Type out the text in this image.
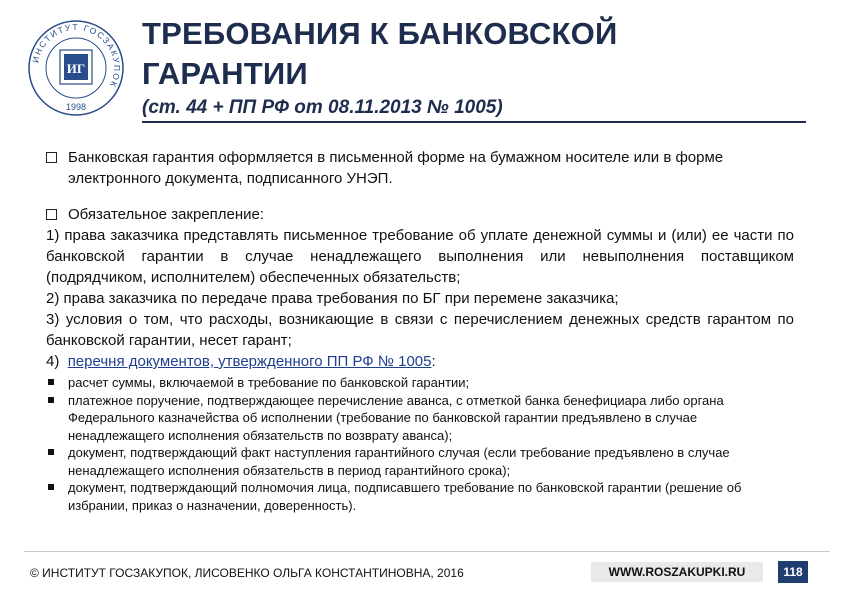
ИНСТИТУТ ГОСЗАКУПОК
ИГ
1998
ТРЕБОВАНИЯ К БАНКОВСКОЙ ГАРАНТИИ
(ст. 44 + ПП РФ от 08.11.2013 № 1005)
Банковская гарантия оформляется в письменной форме на бумажном носителе или в форме электронного документа, подписанного УНЭП.
Обязательное закрепление:
1) права заказчика представлять письменное требование об уплате денежной суммы и (или) ее части по банковской гарантии в случае ненадлежащего выполнения или невыполнения поставщиком (подрядчиком, исполнителем) обеспеченных обязательств;
2) права заказчика по передаче права требования по БГ при перемене заказчика;
3) условия о том, что расходы, возникающие в связи с перечислением денежных средств гарантом по банковской гарантии, несет гарант;
4)  перечня документов, утвержденного ПП РФ № 1005:
расчет суммы, включаемой в требование по банковской гарантии;
платежное поручение, подтверждающее перечисление аванса, с отметкой банка бенефициара либо органа Федерального казначейства об исполнении (требование по банковской гарантии предъявлено в случае ненадлежащего исполнения обязательств по возврату аванса);
документ, подтверждающий факт наступления гарантийного случая (если требование предъявлено в случае ненадлежащего исполнения обязательств в период гарантийного срока);
документ, подтверждающий полномочия лица, подписавшего требование по банковской гарантии (решение об избрании, приказ о назначении, доверенность).
© ИНСТИТУТ ГОСЗАКУПОК, ЛИСОВЕНКО ОЛЬГА КОНСТАНТИНОВНА, 2016	WWW.ROSZAKUPKI.RU	118
